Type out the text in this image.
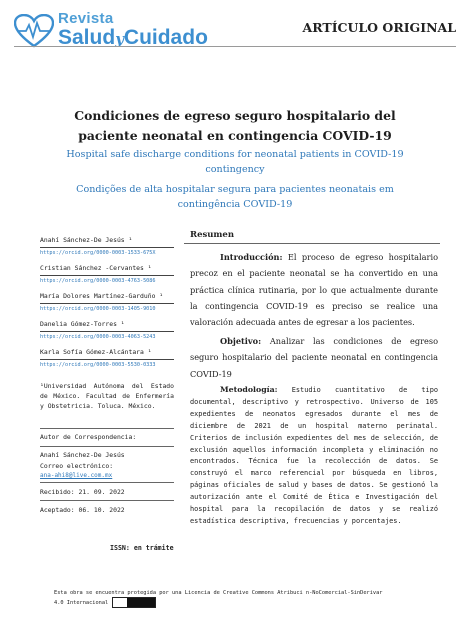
Revista
SaludyCuidado	ARTÍCULO ORIGINAL
Condiciones de egreso seguro hospitalario del
paciente neonatal en contingencia COVID-19
Hospital safe discharge conditions for neonatal patients in COVID-19
contingency
Condições de alta hospitalar segura para pacientes neonatais em
contingência COVID-19
Anahí Sánchez-De Jesús ¹
https://orcid.org/0000-0003-1533-675X
Cristian Sánchez -Cervantes ¹
https://orcid.org/0000-0003-4763-5086
María Dolores Martínez-Garduño ¹
https://orcid.org/0000-0003-1405-9010
Danelia Gómez-Torres ¹
https://orcid.org/0000-0003-4063-5243
Karla Sofía Gómez-Alcántara ¹
https://orcid.org/0000-0003-5530-0333
¹Universidad Autónoma del Estado de México. Facultad de Enfermería y Obstetricia. Toluca. México.
Autor de Correspondencia:
Anahí Sánchez-De Jesús
Correo electrónico:
ana-ahi8@live.com.mx
Recibido: 21. 09. 2022
Aceptado: 06. 10. 2022
ISSN: en trámite
Resumen
Introducción: El proceso de egreso hospitalario precoz en el paciente neonatal se ha convertido en una práctica clínica rutinaria, por lo que actualmente durante la contingencia COVID-19 es preciso se realice una valoración adecuada antes de egresar a los pacientes.
Objetivo: Analizar las condiciones de egreso seguro hospitalario del paciente neonatal en contingencia COVID-19
Metodología: Estudio cuantitativo de tipo documental, descriptivo y retrospectivo. Universo de 105 expedientes de neonatos egresados durante el mes de diciembre de 2021 de un hospital materno perinatal. Criterios de inclusión expedientes del mes de selección, de exclusión aquellos información incompleta y eliminación no encontrados. Técnica fue la recolección de datos. Se construyó el marco referencial por búsqueda en libros, páginas oficiales de salud y bases de datos. Se gestionó la autorización ante el Comité de Ética e Investigación del hospital para la recopilación de datos y se realizó estadística descriptiva, frecuencias y porcentajes.
Esta obra se encuentra protegida por una Licencia de Creative Commons Atribuci n-NoComercial-SinDerivar
4.0 Internacional
